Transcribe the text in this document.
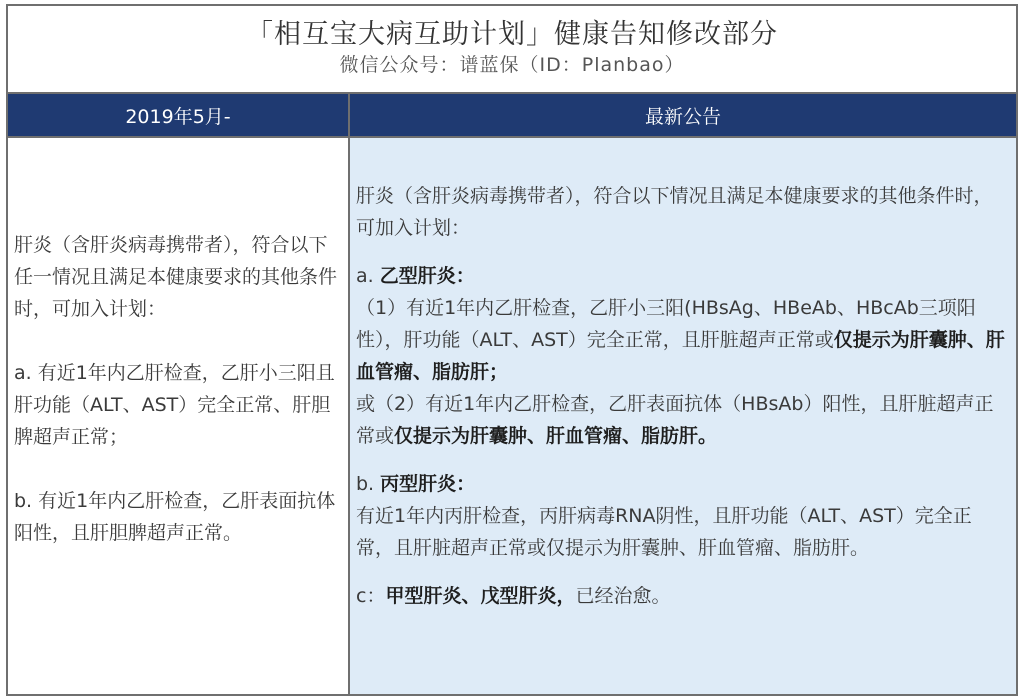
「相互宝大病互助计划」健康告知修改部分
微信公众号：谱蓝保（ID：Planbao）
2019年5月-	最新公告

肝炎（含肝炎病毒携带者），符合以下任一情况且满足本健康要求的其他条件时，可加入计划：

a. 有近1年内乙肝检查，乙肝小三阳且肝功能（ALT、AST）完全正常、肝胆脾超声正常；

b. 有近1年内乙肝检查，乙肝表面抗体阳性，且肝胆脾超声正常。

肝炎（含肝炎病毒携带者），符合以下情况且满足本健康要求的其他条件时，可加入计划：

a. 乙型肝炎：

（1）有近1年内乙肝检查，乙肝小三阳(HBsAg、HBeAb、HBcAb三项阳性），肝功能（ALT、AST）完全正常，且肝脏超声正常或仅提示为肝囊肿、肝血管瘤、脂肪肝；

或（2）有近1年内乙肝检查，乙肝表面抗体（HBsAb）阳性，且肝脏超声正常或仅提示为肝囊肿、肝血管瘤、脂肪肝。

b. 丙型肝炎：

有近1年内丙肝检查，丙肝病毒RNA阴性，且肝功能（ALT、AST）完全正常，且肝脏超声正常或仅提示为肝囊肿、肝血管瘤、脂肪肝。

c：甲型肝炎、戊型肝炎，已经治愈。
